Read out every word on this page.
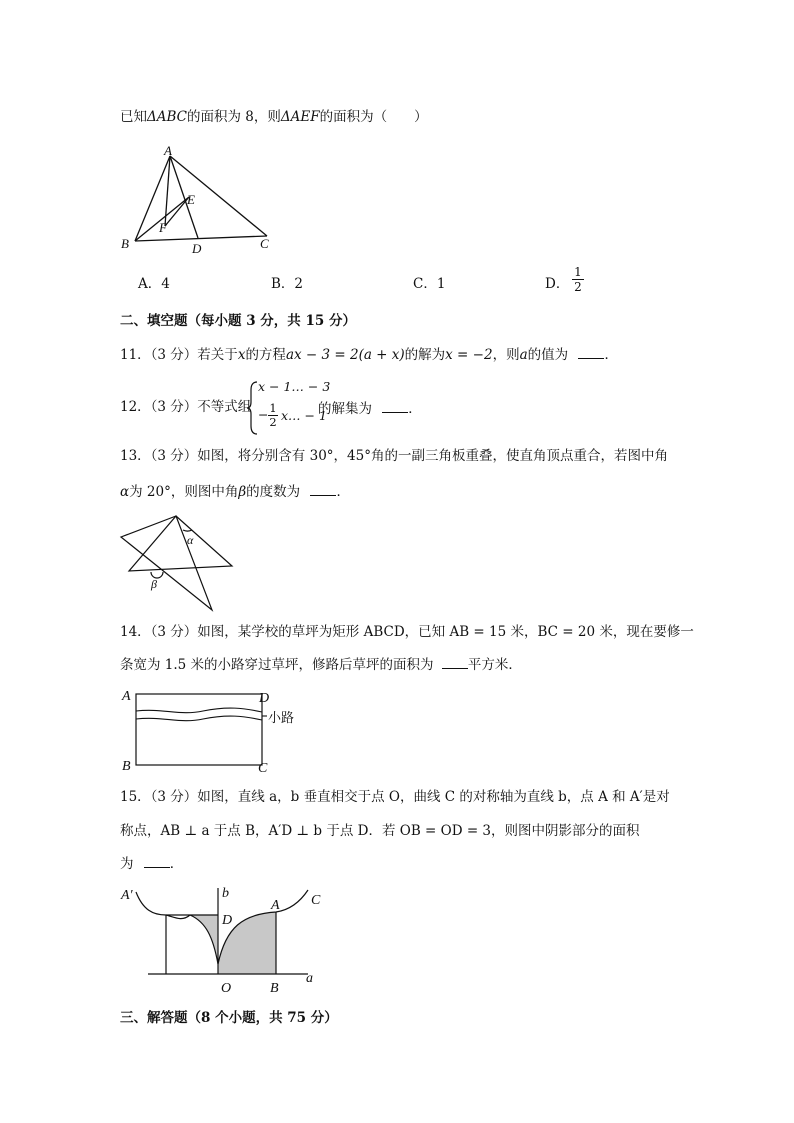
已知ΔABC的面积为 8，则ΔAEF的面积为（　　）
A
B	C
D
E
F
A．4	B．2	C．1	D． $\frac{1}{2}$
二、填空题（每小题 3 分，共 15 分）
11．（3 分）若关于x的方程ax − 3 = 2(a + x)的解为x = −2，则a的值为	．
12．（3 分）不等式组
x − 1… − 3
− $\frac{1}{2}$ x… − 1
的解集为	．
13．（3 分）如图，将分别含有 30°，45°角的一副三角板重叠，使直角顶点重合，若图中角
α为 20°，则图中角β的度数为	．
α
β
14．（3 分）如图，某学校的草坪为矩形 ABCD，已知 AB = 15 米，BC = 20 米，现在要修一
条宽为 1.5 米的小路穿过草坪，修路后草坪的面积为	平方米．
A
B	C
D
小路
15．（3 分）如图，直线 a，b 垂直相交于点 O，曲线 C 的对称轴为直线 b，点 A 和 A′是对
称点，AB ⊥ a 于点 B，A′D ⊥ b 于点 D．若 OB = OD = 3，则图中阴影部分的面积
为	．
A′	b	C
A
D
O	B
a
三、解答题（8 个小题，共 75 分）
